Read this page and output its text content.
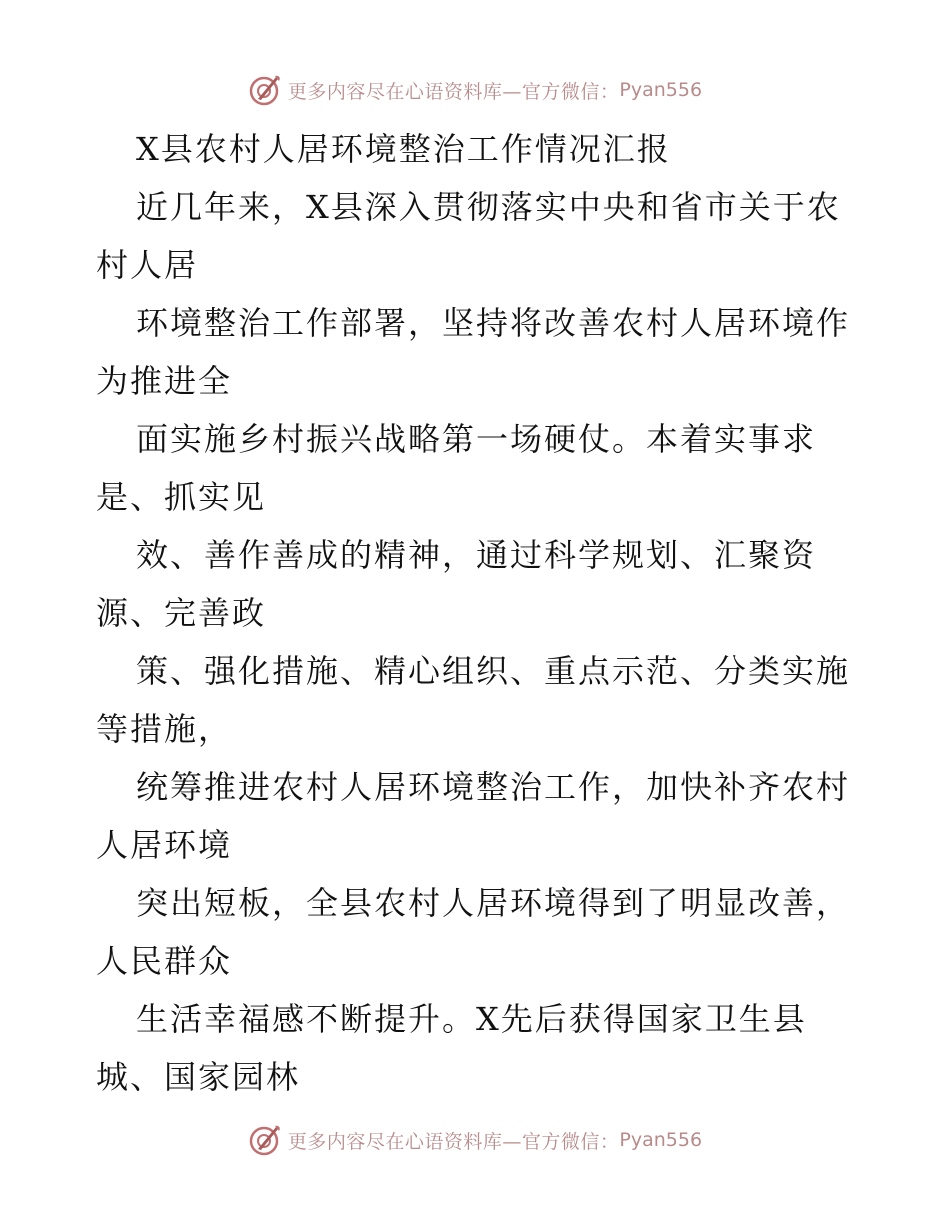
更多内容尽在心语资料库—官方微信： Pyan556
X县农村人居环境整治工作情况汇报
近几年来，X县深入贯彻落实中央和省市关于农
村人居
环境整治工作部署，坚持将改善农村人居环境作
为推进全
面实施乡村振兴战略第一场硬仗。本着实事求
是、抓实见
效、善作善成的精神，通过科学规划、汇聚资
源、完善政
策、强化措施、精心组织、重点示范、分类实施
等措施，
统筹推进农村人居环境整治工作，加快补齐农村
人居环境
突出短板，全县农村人居环境得到了明显改善，
人民群众
生活幸福感不断提升。X先后获得国家卫生县
城、国家园林
更多内容尽在心语资料库—官方微信： Pyan556
